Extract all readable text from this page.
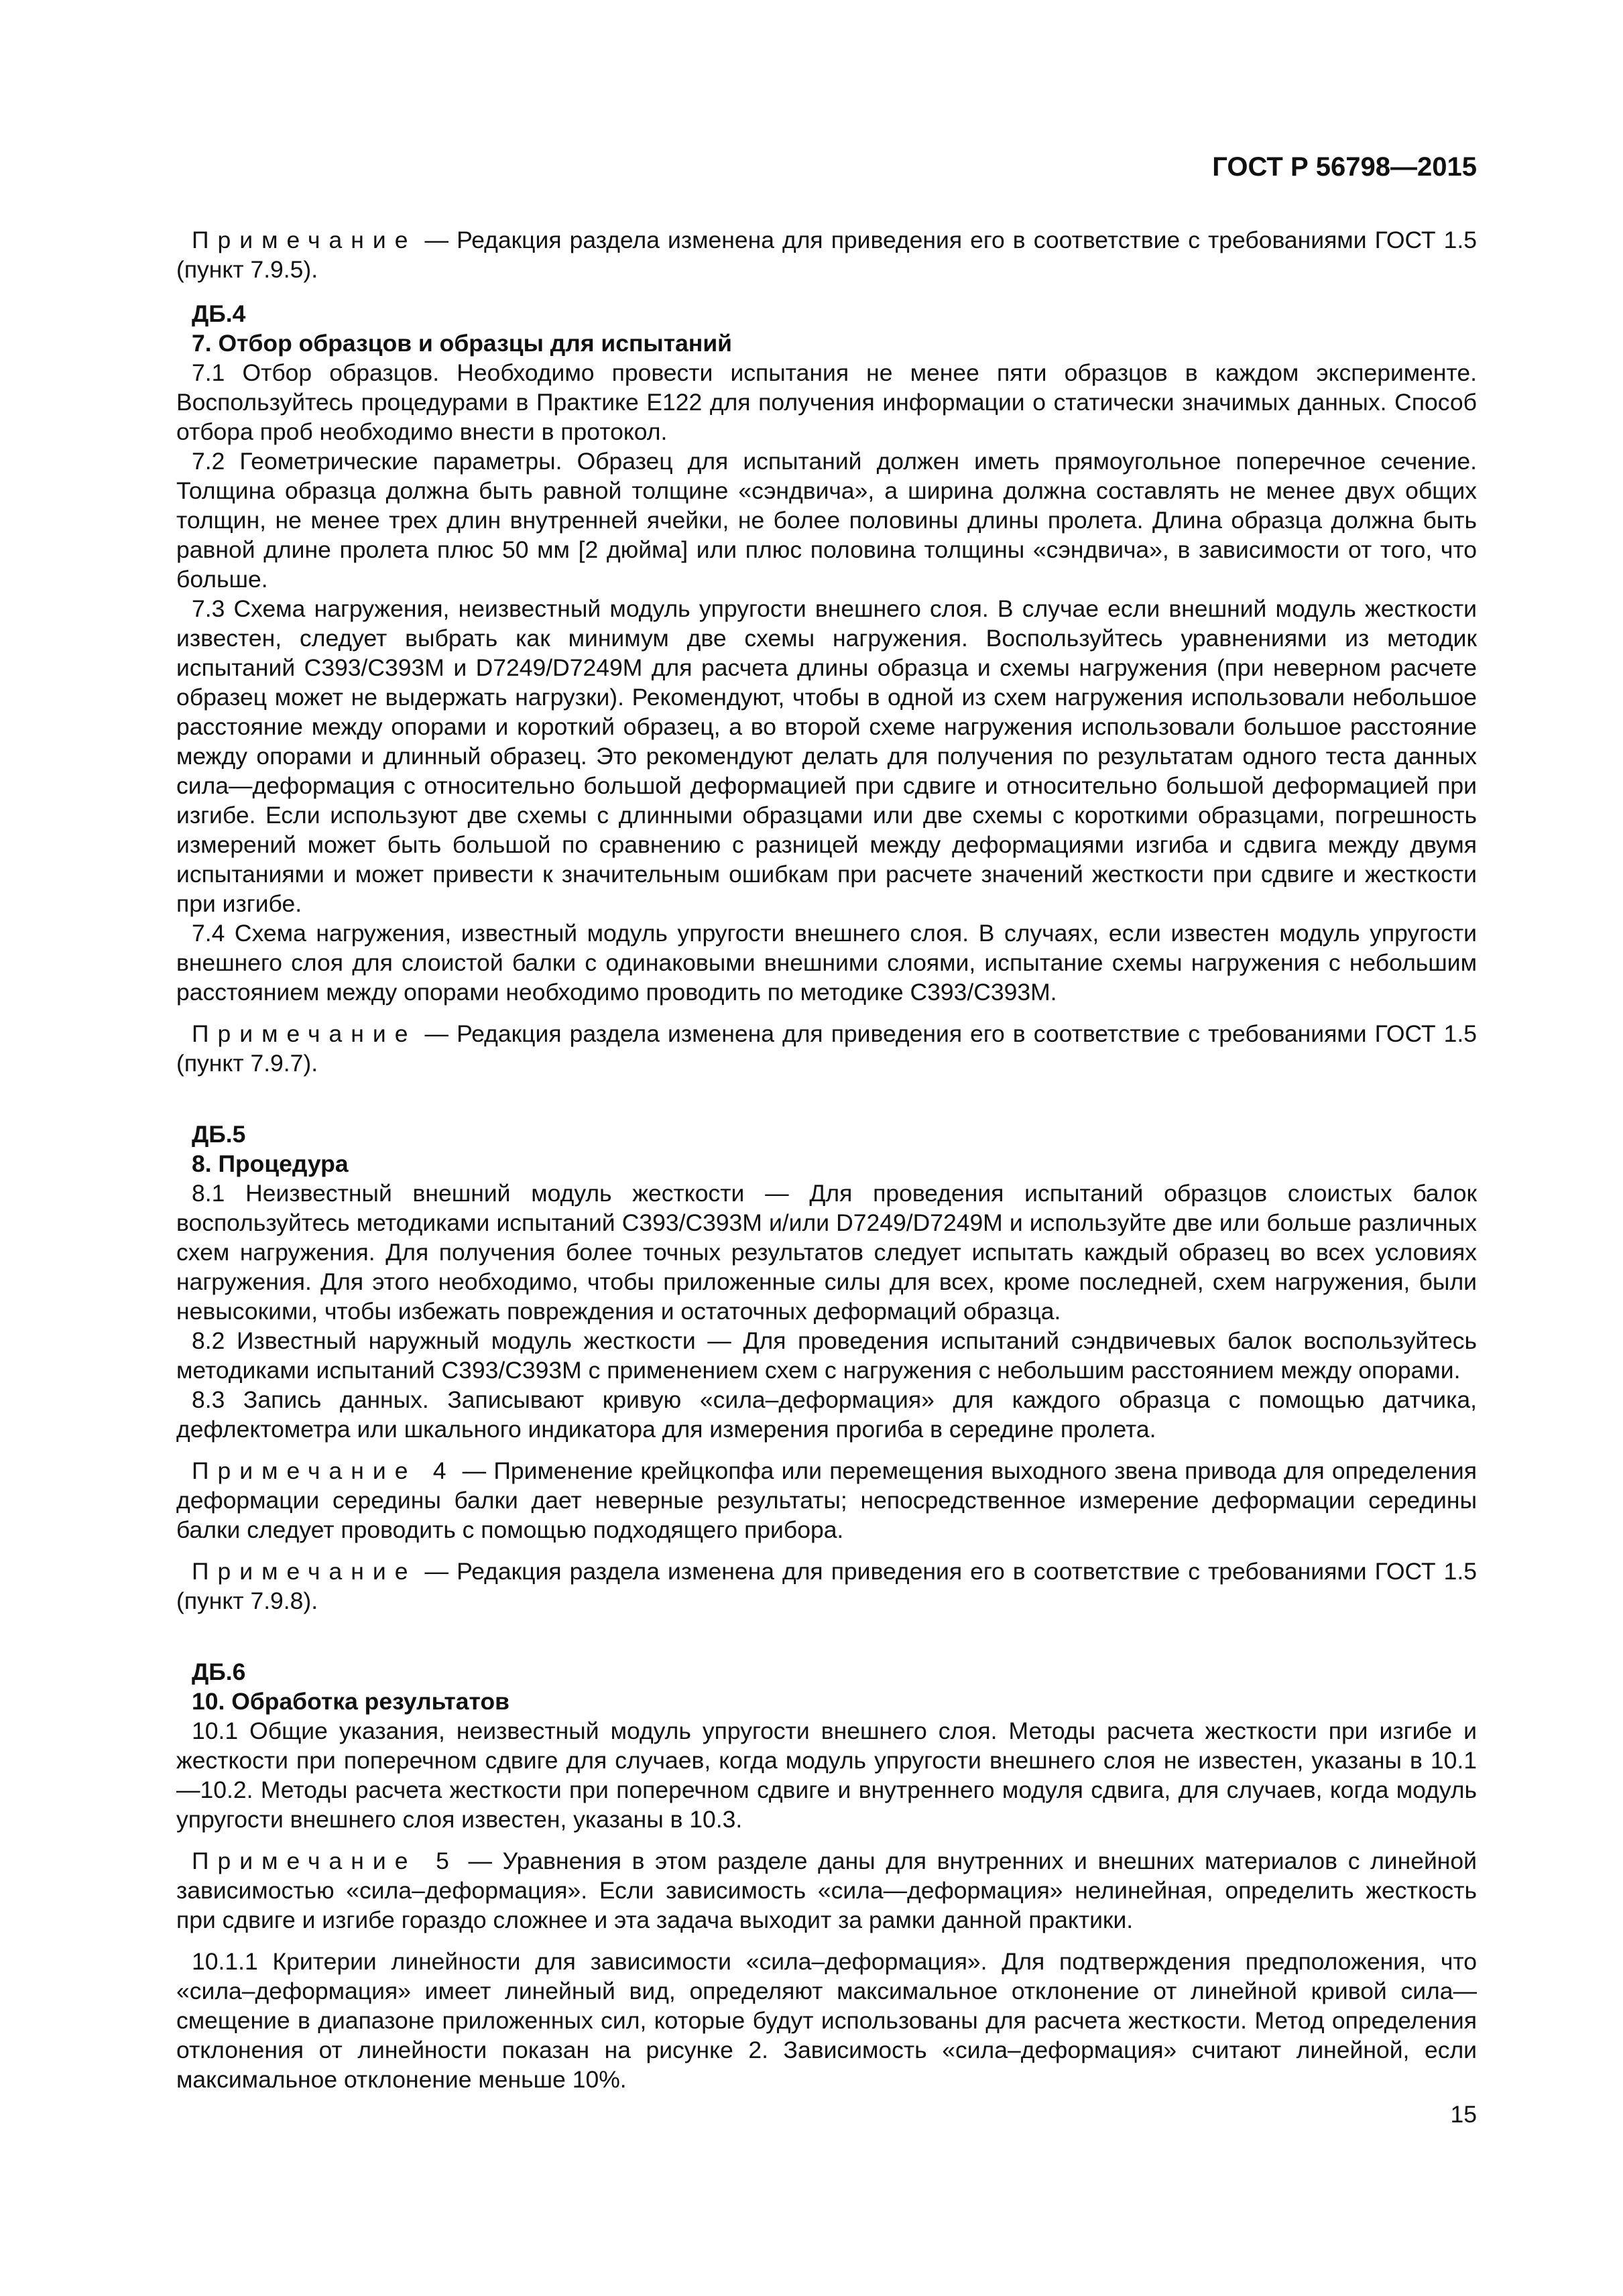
ГОСТ Р 56798—2015

Примечание — Редакция раздела изменена для приведения его в соответствие с требованиями ГОСТ 1.5 (пункт 7.9.5).

ДБ.4

7. Отбор образцов и образцы для испытаний

7.1 Отбор образцов. Необходимо провести испытания не менее пяти образцов в каждом эксперименте. Воспользуйтесь процедурами в Практике Е122 для получения информации о статически значимых данных. Способ отбора проб необходимо внести в протокол.

7.2 Геометрические параметры. Образец для испытаний должен иметь прямоугольное поперечное сечение. Толщина образца должна быть равной толщине «сэндвича», а ширина должна составлять не менее двух общих толщин, не менее трех длин внутренней ячейки, не более половины длины пролета. Длина образца должна быть равной длине пролета плюс 50 мм [2 дюйма] или плюс половина толщины «сэндвича», в зависимости от того, что больше.

7.3 Схема нагружения, неизвестный модуль упругости внешнего слоя. В случае если внешний модуль жесткости известен, следует выбрать как минимум две схемы нагружения. Воспользуйтесь уравнениями из методик испытаний C393/C393M и D7249/D7249M для расчета длины образца и схемы нагружения (при неверном расчете образец может не выдержать нагрузки). Рекомендуют, чтобы в одной из схем нагружения использовали небольшое расстояние между опорами и короткий образец, а во второй схеме нагружения использовали большое расстояние между опорами и длинный образец. Это рекомендуют делать для получения по результатам одного теста данных сила—деформация с относительно большой деформацией при сдвиге и относительно большой деформацией при изгибе. Если используют две схемы с длинными образцами или две схемы с короткими образцами, погрешность измерений может быть большой по сравнению с разницей между деформациями изгиба и сдвига между двумя испытаниями и может привести к значительным ошибкам при расчете значений жесткости при сдвиге и жесткости при изгибе.

7.4 Схема нагружения, известный модуль упругости внешнего слоя. В случаях, если известен модуль упругости внешнего слоя для слоистой балки с одинаковыми внешними слоями, испытание схемы нагружения с небольшим расстоянием между опорами необходимо проводить по методике C393/C393M.

Примечание — Редакция раздела изменена для приведения его в соответствие с требованиями ГОСТ 1.5 (пункт 7.9.7).

ДБ.5

8. Процедура

8.1 Неизвестный внешний модуль жесткости — Для проведения испытаний образцов слоистых балок воспользуйтесь методиками испытаний C393/C393M и/или D7249/D7249M и используйте две или больше различных схем нагружения. Для получения более точных результатов следует испытать каждый образец во всех условиях нагружения. Для этого необходимо, чтобы приложенные силы для всех, кроме последней, схем нагружения, были невысокими, чтобы избежать повреждения и остаточных деформаций образца.

8.2 Известный наружный модуль жесткости — Для проведения испытаний сэндвичевых балок воспользуйтесь методиками испытаний C393/C393M с применением схем с нагружения с небольшим расстоянием между опорами.

8.3 Запись данных. Записывают кривую «сила–деформация» для каждого образца с помощью датчика, дефлектометра или шкального индикатора для измерения прогиба в середине пролета.

Примечание 4 — Применение крейцкопфа или перемещения выходного звена привода для определения деформации середины балки дает неверные результаты; непосредственное измерение деформации середины балки следует проводить с помощью подходящего прибора.

Примечание — Редакция раздела изменена для приведения его в соответствие с требованиями ГОСТ 1.5 (пункт 7.9.8).

ДБ.6

10. Обработка результатов

10.1 Общие указания, неизвестный модуль упругости внешнего слоя. Методы расчета жесткости при изгибе и жесткости при поперечном сдвиге для случаев, когда модуль упругости внешнего слоя не известен, указаны в 10.1—10.2. Методы расчета жесткости при поперечном сдвиге и внутреннего модуля сдвига, для случаев, когда модуль упругости внешнего слоя известен, указаны в 10.3.

Примечание 5 — Уравнения в этом разделе даны для внутренних и внешних материалов с линейной зависимостью «сила–деформация». Если зависимость «сила—деформация» нелинейная, определить жесткость при сдвиге и изгибе гораздо сложнее и эта задача выходит за рамки данной практики.

10.1.1 Критерии линейности для зависимости «сила–деформация». Для подтверждения предположения, что «сила–деформация» имеет линейный вид, определяют максимальное отклонение от линейной кривой сила—смещение в диапазоне приложенных сил, которые будут использованы для расчета жесткости. Метод определения отклонения от линейности показан на рисунке 2. Зависимость «сила–деформация» считают линейной, если максимальное отклонение меньше 10%.

15
